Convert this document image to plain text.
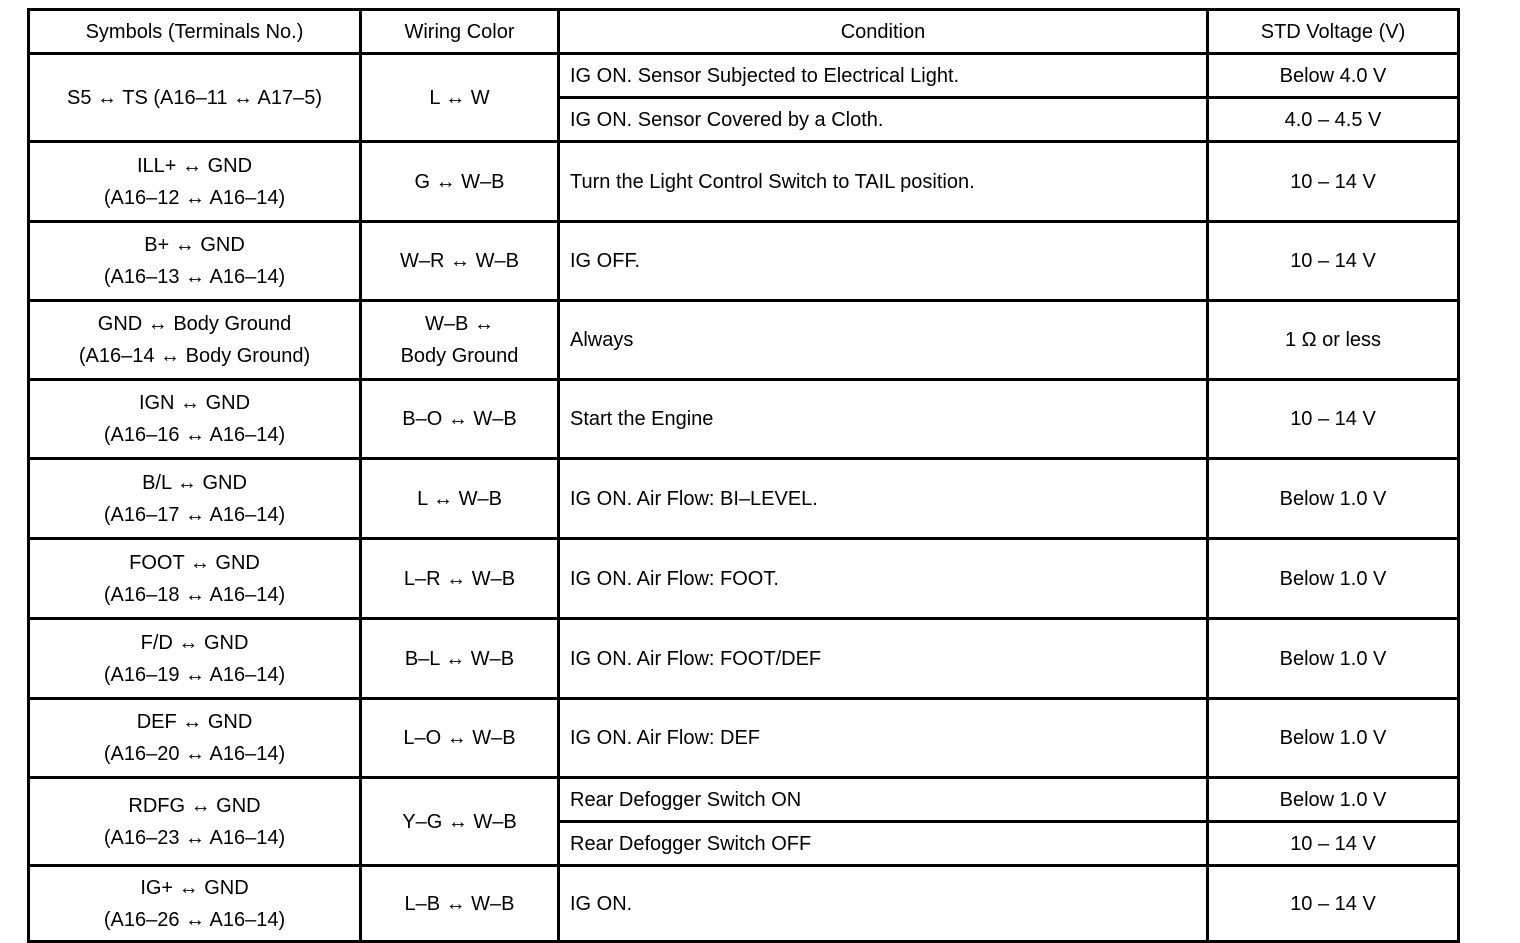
Symbols (Terminals No.)	Wiring Color	Condition	STD Voltage (V)

S5 ↔ TS (A16–11 ↔ A17–5)	L ↔ W	IG ON. Sensor Subjected to Electrical Light.	Below 4.0 V
		IG ON. Sensor Covered by a Cloth.	4.0 – 4.5 V

ILL+ ↔ GND
(A16–12 ↔ A16–14)	G ↔ W–B	Turn the Light Control Switch to TAIL position.	10 – 14 V

B+ ↔ GND
(A16–13 ↔ A16–14)	W–R ↔ W–B	IG OFF.	10 – 14 V

GND ↔ Body Ground
(A16–14 ↔ Body Ground)	W–B ↔
Body Ground	Always	1 Ω or less

IGN ↔ GND
(A16–16 ↔ A16–14)	B–O ↔ W–B	Start the Engine	10 – 14 V

B/L ↔ GND
(A16–17 ↔ A16–14)	L ↔ W–B	IG ON. Air Flow: BI–LEVEL.	Below 1.0 V

FOOT ↔ GND
(A16–18 ↔ A16–14)	L–R ↔ W–B	IG ON. Air Flow: FOOT.	Below 1.0 V

F/D ↔ GND
(A16–19 ↔ A16–14)	B–L ↔ W–B	IG ON. Air Flow: FOOT/DEF	Below 1.0 V

DEF ↔ GND
(A16–20 ↔ A16–14)	L–O ↔ W–B	IG ON. Air Flow: DEF	Below 1.0 V

RDFG ↔ GND
(A16–23 ↔ A16–14)	Y–G ↔ W–B	Rear Defogger Switch ON	Below 1.0 V
		Rear Defogger Switch OFF	10 – 14 V

IG+ ↔ GND
(A16–26 ↔ A16–14)	L–B ↔ W–B	IG ON.	10 – 14 V
